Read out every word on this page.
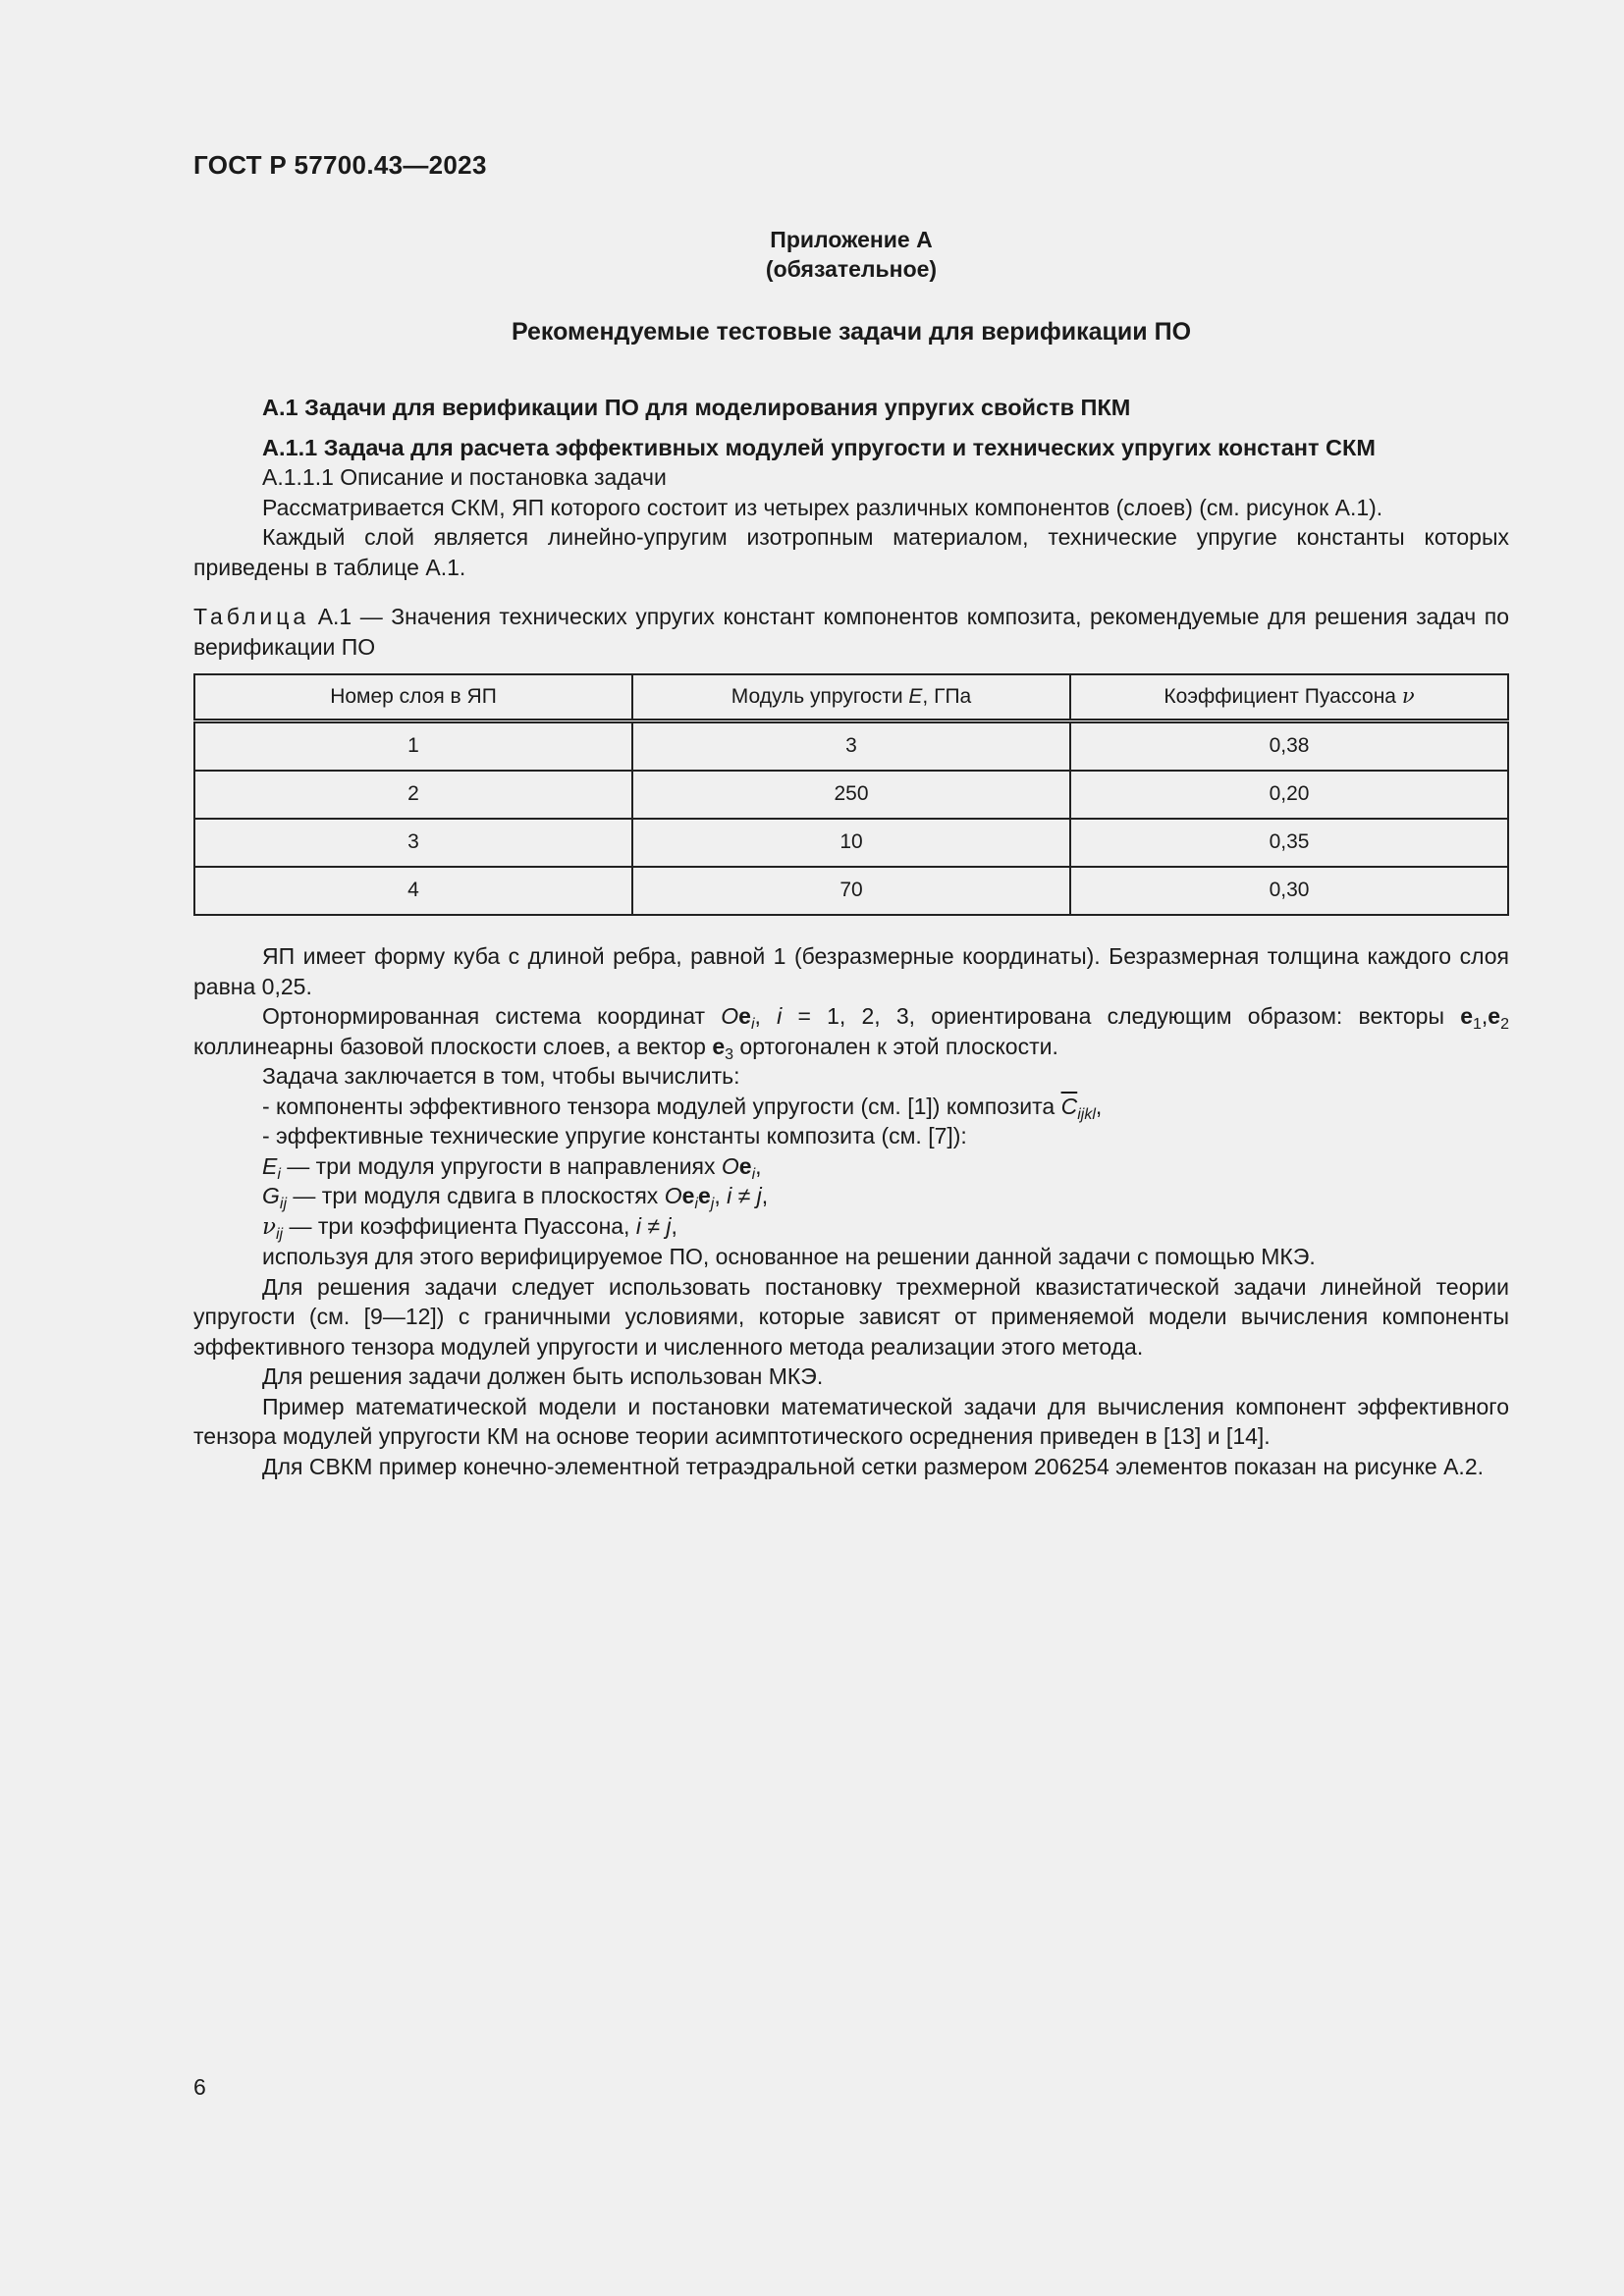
ГОСТ Р 57700.43—2023
Приложение А
(обязательное)
Рекомендуемые тестовые задачи для верификации ПО
А.1 Задачи для верификации ПО для моделирования упругих свойств ПКМ
А.1.1 Задача для расчета эффективных модулей упругости и технических упругих констант СКМ

А.1.1.1 Описание и постановка задачи

Рассматривается СКМ, ЯП которого состоит из четырех различных компонентов (слоев) (см. рисунок А.1).

Каждый слой является линейно-упругим изотропным материалом, технические упругие константы которых приведены в таблице А.1.

Таблица А.1 — Значения технических упругих констант компонентов композита, рекомендуемые для решения задач по верификации ПО

Номер слоя в ЯП	Модуль упругости E, ГПа	Коэффициент Пуассона ν
1	3	0,38
2	250	0,20
3	10	0,35
4	70	0,30

ЯП имеет форму куба с длиной ребра, равной 1 (безразмерные координаты). Безразмерная толщина каждого слоя равна 0,25.

Ортонормированная система координат $Oe_i$, i = 1, 2, 3, ориентирована следующим образом: векторы $e_1,e_2$ коллинеарны базовой плоскости слоев, а вектор $e_3$ ортогонален к этой плоскости.

Задача заключается в том, чтобы вычислить:

- компоненты эффективного тензора модулей упругости (см. [1]) композита $\overline{C}_{ijkl}$,

- эффективные технические упругие константы композита (см. [7]):

$E_i$ — три модуля упругости в направлениях $Oe_i$,

$G_{ij}$ — три модуля сдвига в плоскостях $Oe_ie_j$, i ≠ j,

$\nu_{ij}$ — три коэффициента Пуассона, i ≠ j,

используя для этого верифицируемое ПО, основанное на решении данной задачи с помощью МКЭ.

Для решения задачи следует использовать постановку трехмерной квазистатической задачи линейной теории упругости (см. [9—12]) с граничными условиями, которые зависят от применяемой модели вычисления компоненты эффективного тензора модулей упругости и численного метода реализации этого метода.

Для решения задачи должен быть использован МКЭ.

Пример математической модели и постановки математической задачи для вычисления компонент эффективного тензора модулей упругости КМ на основе теории асимптотического осреднения приведен в [13] и [14].

Для СВКМ пример конечно-элементной тетраэдральной сетки размером 206254 элементов показан на рисунке А.2.

6
